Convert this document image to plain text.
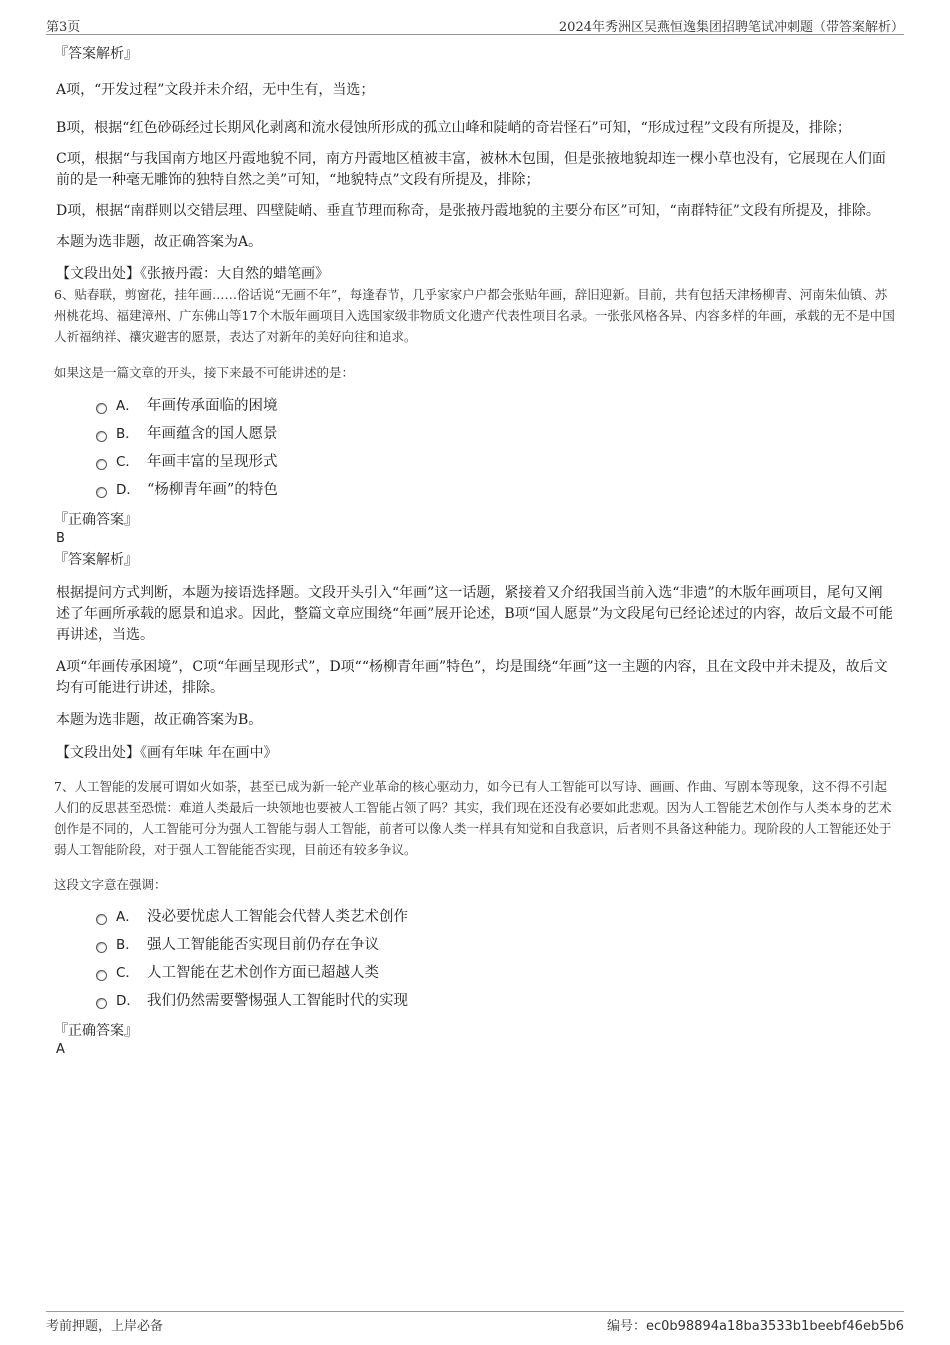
第3页	2024年秀洲区吴燕恒逸集团招聘笔试冲刺题（带答案解析）

『答案解析』

A项，“开发过程”文段并未介绍，无中生有，当选；

B项，根据“红色砂砾经过长期风化剥离和流水侵蚀所形成的孤立山峰和陡峭的奇岩怪石”可知，“形成过程”文段有所提及，排除；

C项，根据“与我国南方地区丹霞地貌不同，南方丹霞地区植被丰富，被林木包围，但是张掖地貌却连一棵小草也没有，它展现在人们面前的是一种毫无雕饰的独特自然之美”可知，“地貌特点”文段有所提及，排除；

D项，根据“南群则以交错层理、四壁陡峭、垂直节理而称奇，是张掖丹霞地貌的主要分布区”可知，“南群特征”文段有所提及，排除。

本题为选非题，故正确答案为A。

【文段出处】《张掖丹霞：大自然的蜡笔画》

6、贴春联，剪窗花，挂年画……俗话说“无画不年”，每逢春节，几乎家家户户都会张贴年画，辞旧迎新。目前，共有包括天津杨柳青、河南朱仙镇、苏州桃花坞、福建漳州、广东佛山等17个木版年画项目入选国家级非物质文化遗产代表性项目名录。一张张风格各异、内容多样的年画，承载的无不是中国人祈福纳祥、禳灾避害的愿景，表达了对新年的美好向往和追求。

如果这是一篇文章的开头，接下来最不可能讲述的是：

A． 年画传承面临的困境
B． 年画蕴含的国人愿景
C． 年画丰富的呈现形式
D． “杨柳青年画”的特色

『正确答案』

B

『答案解析』

根据提问方式判断，本题为接语选择题。文段开头引入“年画”这一话题，紧接着又介绍我国当前入选“非遗”的木版年画项目，尾句又阐述了年画所承载的愿景和追求。因此，整篇文章应围绕“年画”展开论述，B项“国人愿景”为文段尾句已经论述过的内容，故后文最不可能再讲述，当选。

A项“年画传承困境”，C项“年画呈现形式”，D项““杨柳青年画”特色”，均是围绕“年画”这一主题的内容，且在文段中并未提及，故后文均有可能进行讲述，排除。

本题为选非题，故正确答案为B。

【文段出处】《画有年味 年在画中》

7、人工智能的发展可谓如火如荼，甚至已成为新一轮产业革命的核心驱动力，如今已有人工智能可以写诗、画画、作曲、写剧本等现象，这不得不引起人们的反思甚至恐慌：难道人类最后一块领地也要被人工智能占领了吗？其实，我们现在还没有必要如此悲观。因为人工智能艺术创作与人类本身的艺术创作是不同的，人工智能可分为强人工智能与弱人工智能，前者可以像人类一样具有知觉和自我意识，后者则不具备这种能力。现阶段的人工智能还处于弱人工智能阶段，对于强人工智能能否实现，目前还有较多争议。

这段文字意在强调：

A． 没必要忧虑人工智能会代替人类艺术创作
B． 强人工智能能否实现目前仍存在争议
C． 人工智能在艺术创作方面已超越人类
D． 我们仍然需要警惕强人工智能时代的实现

『正确答案』

A

考前押题，上岸必备	编号：ec0b98894a18ba3533b1beebf46eb5b6
